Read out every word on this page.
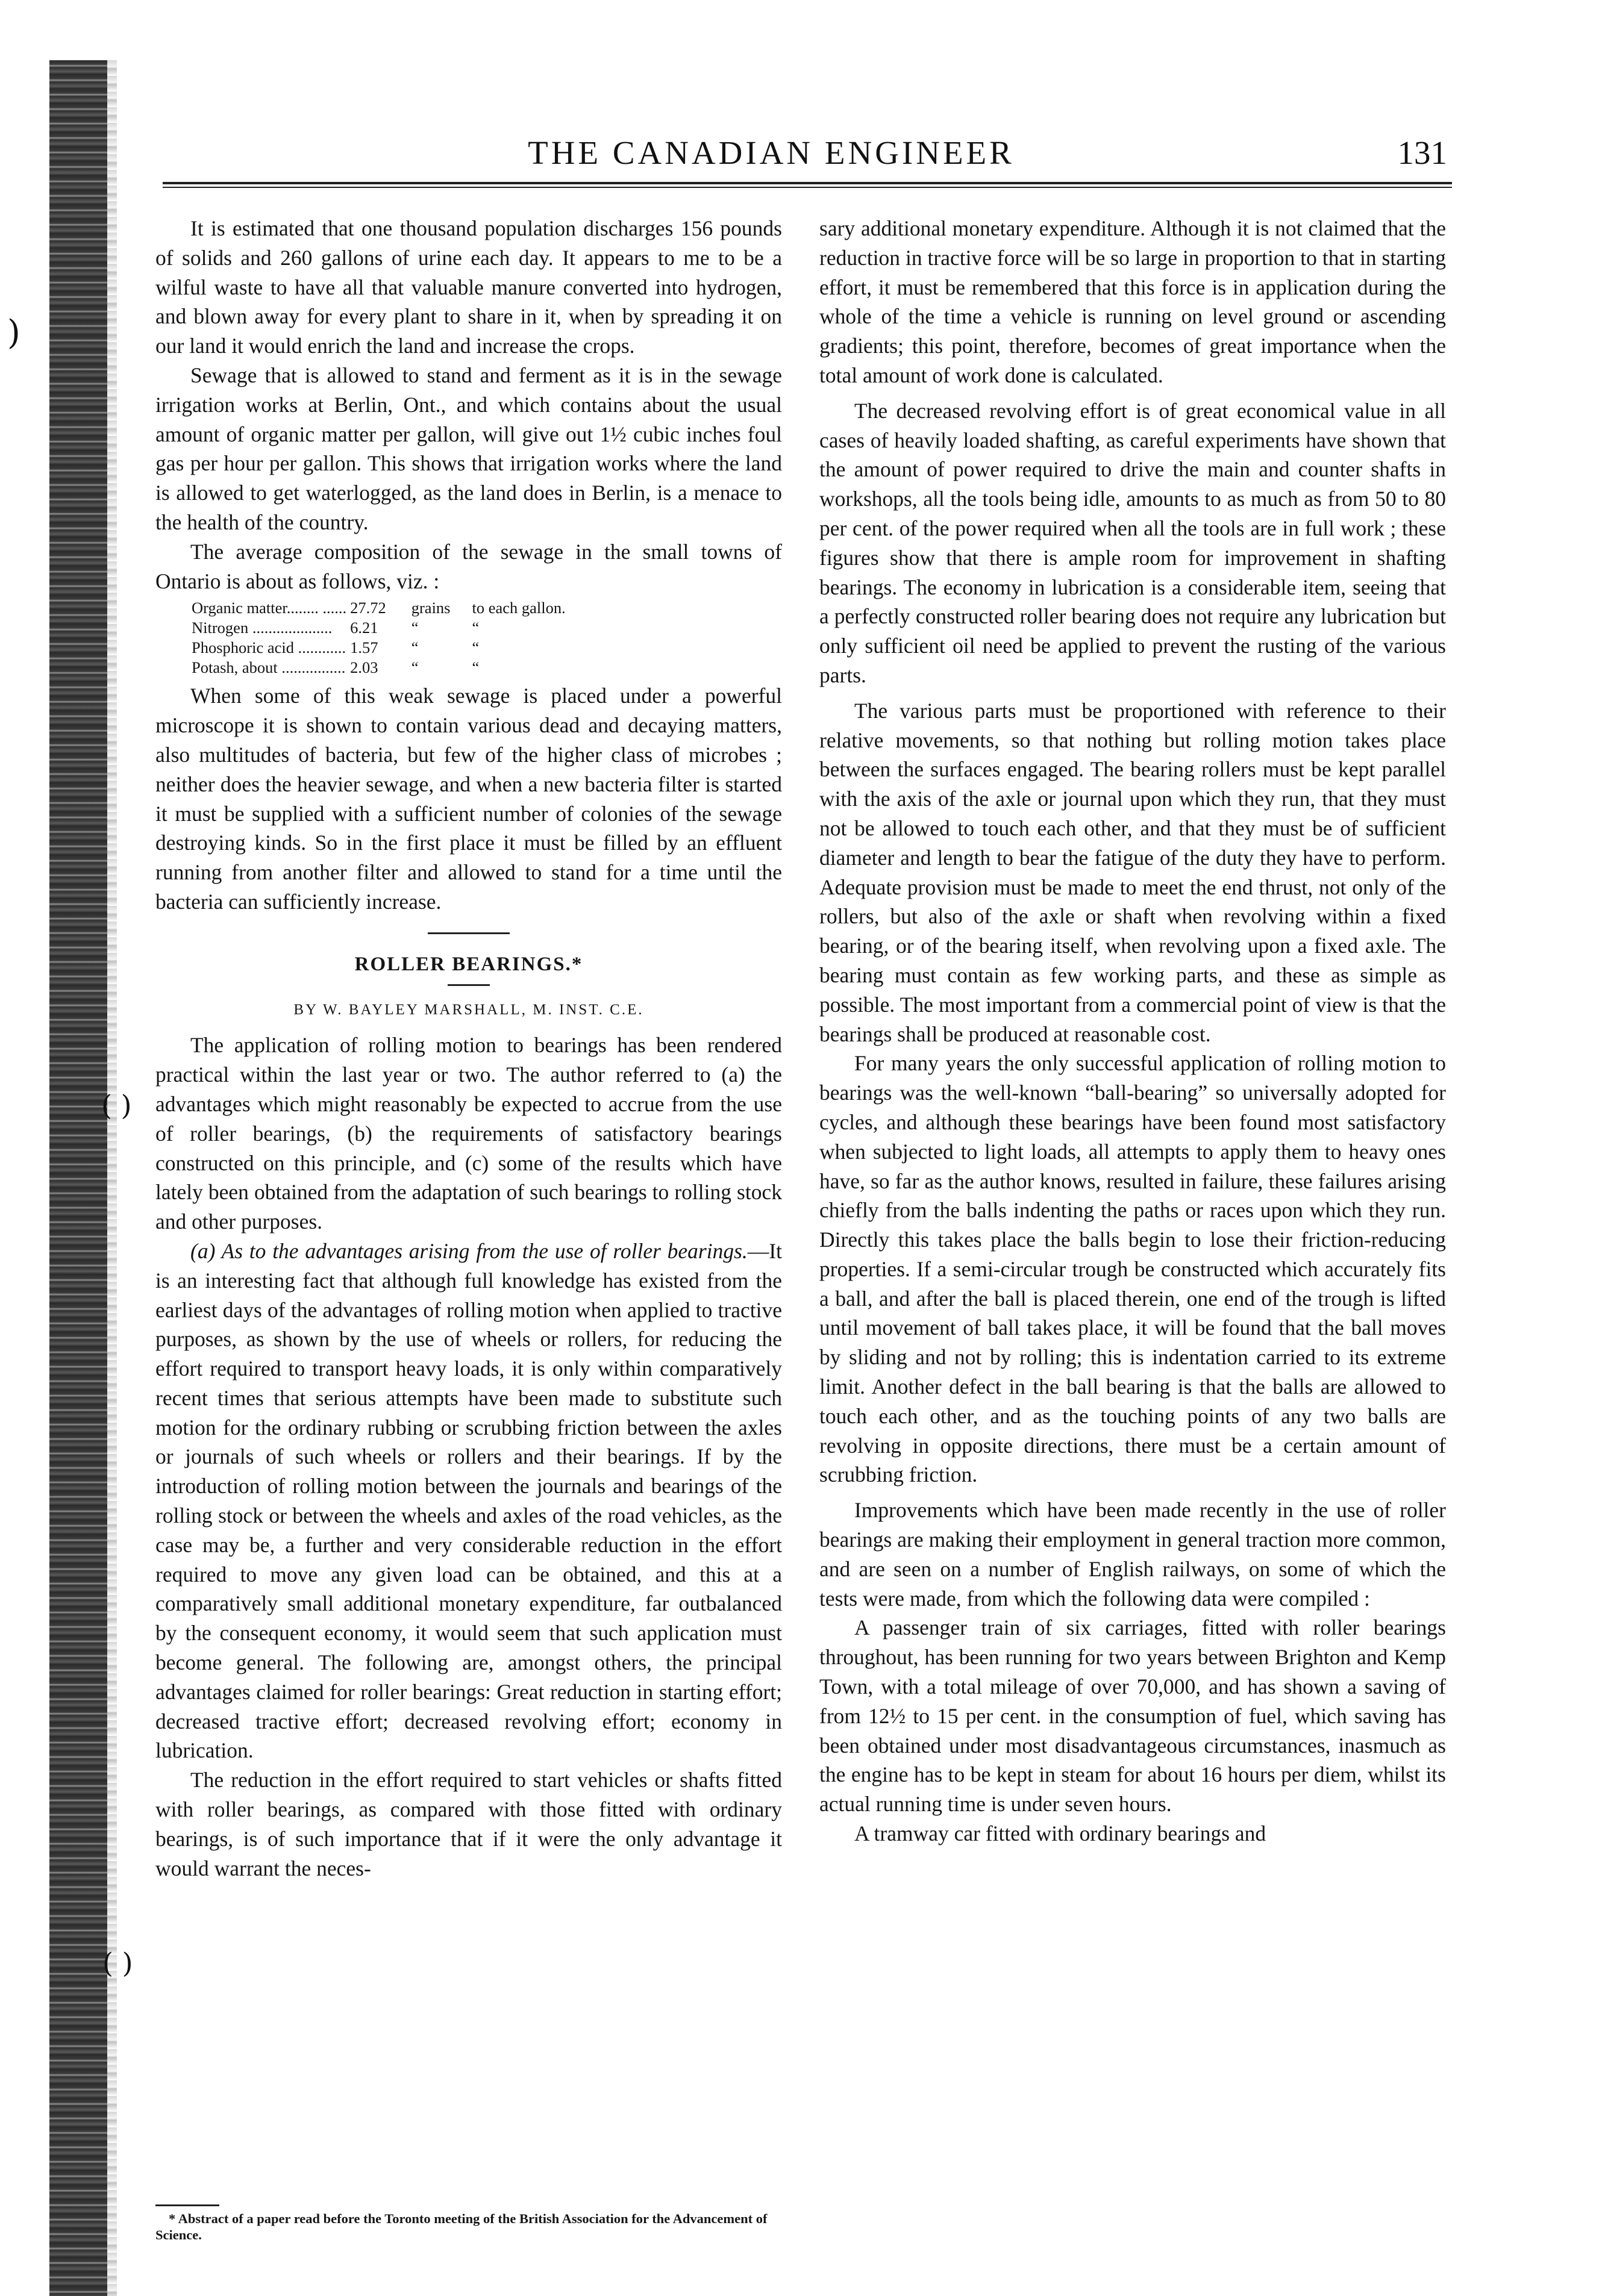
)
( )
( )
THE CANADIAN ENGINEER	131

It is estimated that one thousand population discharges 156 pounds of solids and 260 gallons of urine each day. It appears to me to be a wilful waste to have all that valuable manure converted into hydrogen, and blown away for every plant to share in it, when by spreading it on our land it would enrich the land and increase the crops.

Sewage that is allowed to stand and ferment as it is in the sewage irrigation works at Berlin, Ont., and which contains about the usual amount of organic matter per gallon, will give out 1½ cubic inches foul gas per hour per gallon. This shows that irrigation works where the land is allowed to get waterlogged, as the land does in Berlin, is a menace to the health of the country.

The average composition of the sewage in the small towns of Ontario is about as follows, viz. :

Organic matter........ ......	27.72	grains	to each gallon.
Nitrogen ....................	6.21	“	“
Phosphoric acid ............	1.57	“	“
Potash, about ................	2.03	“	“

When some of this weak sewage is placed under a powerful microscope it is shown to contain various dead and decaying matters, also multitudes of bacteria, but few of the higher class of microbes ; neither does the heavier sewage, and when a new bacteria filter is started it must be supplied with a sufficient number of colonies of the sewage destroying kinds. So in the first place it must be filled by an effluent running from another filter and allowed to stand for a time until the bacteria can sufficiently increase.

ROLLER BEARINGS.*
BY W. BAYLEY MARSHALL, M. INST. C.E.

The application of rolling motion to bearings has been rendered practical within the last year or two. The author referred to (a) the advantages which might reasonably be expected to accrue from the use of roller bearings, (b) the requirements of satisfactory bearings constructed on this principle, and (c) some of the results which have lately been obtained from the adaptation of such bearings to rolling stock and other purposes.

(a) As to the advantages arising from the use of roller bearings.—It is an interesting fact that although full knowledge has existed from the earliest days of the advantages of rolling motion when applied to tractive purposes, as shown by the use of wheels or rollers, for reducing the effort required to transport heavy loads, it is only within comparatively recent times that serious attempts have been made to substitute such motion for the ordinary rubbing or scrubbing friction between the axles or journals of such wheels or rollers and their bearings. If by the introduction of rolling motion between the journals and bearings of the rolling stock or between the wheels and axles of the road vehicles, as the case may be, a further and very considerable reduction in the effort required to move any given load can be obtained, and this at a comparatively small additional monetary expenditure, far outbalanced by the consequent economy, it would seem that such application must become general. The following are, amongst others, the principal advantages claimed for roller bearings: Great reduction in starting effort; decreased tractive effort; decreased revolving effort; economy in lubrication.

The reduction in the effort required to start vehicles or shafts fitted with roller bearings, as compared with those fitted with ordinary bearings, is of such importance that if it were the only advantage it would warrant the neces-

* Abstract of a paper read before the Toronto meeting of the British Association for the Advancement of Science.

sary additional monetary expenditure. Although it is not claimed that the reduction in tractive force will be so large in proportion to that in starting effort, it must be remembered that this force is in application during the whole of the time a vehicle is running on level ground or ascending gradients; this point, therefore, becomes of great importance when the total amount of work done is calculated.

The decreased revolving effort is of great economical value in all cases of heavily loaded shafting, as careful experiments have shown that the amount of power required to drive the main and counter shafts in workshops, all the tools being idle, amounts to as much as from 50 to 80 per cent. of the power required when all the tools are in full work ; these figures show that there is ample room for improvement in shafting bearings. The economy in lubrication is a considerable item, seeing that a perfectly constructed roller bearing does not require any lubrication but only sufficient oil need be applied to prevent the rusting of the various parts.

The various parts must be proportioned with reference to their relative movements, so that nothing but rolling motion takes place between the surfaces engaged. The bearing rollers must be kept parallel with the axis of the axle or journal upon which they run, that they must not be allowed to touch each other, and that they must be of sufficient diameter and length to bear the fatigue of the duty they have to perform. Adequate provision must be made to meet the end thrust, not only of the rollers, but also of the axle or shaft when revolving within a fixed bearing, or of the bearing itself, when revolving upon a fixed axle. The bearing must contain as few working parts, and these as simple as possible. The most important from a commercial point of view is that the bearings shall be produced at reasonable cost.

For many years the only successful application of rolling motion to bearings was the well-known “ball-bearing” so universally adopted for cycles, and although these bearings have been found most satisfactory when subjected to light loads, all attempts to apply them to heavy ones have, so far as the author knows, resulted in failure, these failures arising chiefly from the balls indenting the paths or races upon which they run. Directly this takes place the balls begin to lose their friction-reducing properties. If a semi-circular trough be constructed which accurately fits a ball, and after the ball is placed therein, one end of the trough is lifted until movement of ball takes place, it will be found that the ball moves by sliding and not by rolling; this is indentation carried to its extreme limit. Another defect in the ball bearing is that the balls are allowed to touch each other, and as the touching points of any two balls are revolving in opposite directions, there must be a certain amount of scrubbing friction.

Improvements which have been made recently in the use of roller bearings are making their employment in general traction more common, and are seen on a number of English railways, on some of which the tests were made, from which the following data were compiled :

A passenger train of six carriages, fitted with roller bearings throughout, has been running for two years between Brighton and Kemp Town, with a total mileage of over 70,000, and has shown a saving of from 12½ to 15 per cent. in the consumption of fuel, which saving has been obtained under most disadvantageous circumstances, inasmuch as the engine has to be kept in steam for about 16 hours per diem, whilst its actual running time is under seven hours.

A tramway car fitted with ordinary bearings and
